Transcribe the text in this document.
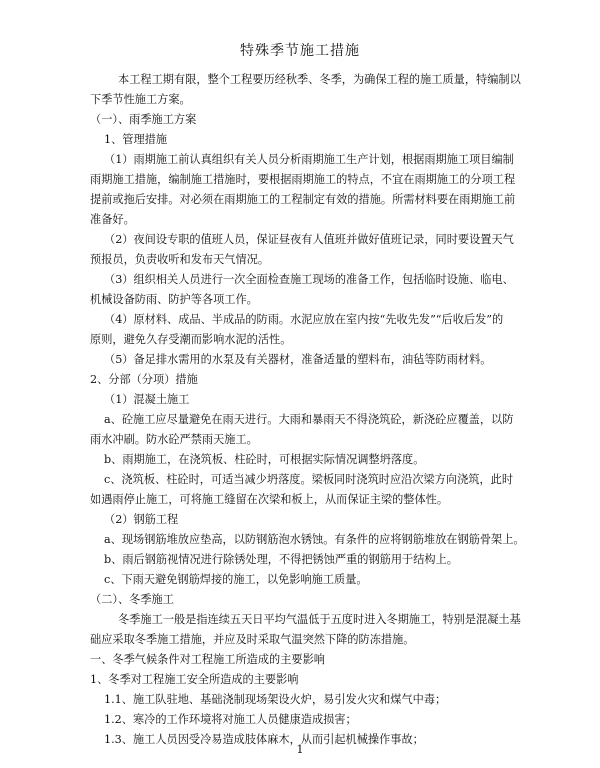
特殊季节施工措施
本工程工期有限，整个工程要历经秋季、冬季，为确保工程的施工质量，特编制以
下季节性施工方案。
（一）、雨季施工方案
1、管理措施
（1）雨期施工前认真组织有关人员分析雨期施工生产计划，根据雨期施工项目编制
雨期施工措施，编制施工措施时，要根据雨期施工的特点，不宜在雨期施工的分项工程
提前或拖后安排。对必须在雨期施工的工程制定有效的措施。所需材料要在雨期施工前
准备好。
（2）夜间设专职的值班人员，保证昼夜有人值班并做好值班记录，同时要设置天气
预报员，负责收听和发布天气情况。
（3）组织相关人员进行一次全面检查施工现场的准备工作，包括临时设施、临电、
机械设备防雨、防护等各项工作。
（4）原材料、成品、半成品的防雨。水泥应放在室内按“先收先发”“后收后发”的
原则，避免久存受潮而影响水泥的活性。
（5）备足排水需用的水泵及有关器材，准备适量的塑料布，油毡等防雨材料。
2、分部（分项）措施
（1）混凝土施工
a、砼施工应尽量避免在雨天进行。大雨和暴雨天不得浇筑砼，新浇砼应覆盖，以防
雨水冲刷。防水砼严禁雨天施工。
b、雨期施工，在浇筑板、柱砼时，可根据实际情况调整坍落度。
c、浇筑板、柱砼时，可适当减少坍落度。梁板同时浇筑时应沿次梁方向浇筑，此时
如遇雨停止施工，可将施工缝留在次梁和板上，从而保证主梁的整体性。
（2）钢筋工程
a、现场钢筋堆放应垫高，以防钢筋泡水锈蚀。有条件的应将钢筋堆放在钢筋骨架上。
b、雨后钢筋视情况进行除锈处理，不得把锈蚀严重的钢筋用于结构上。
c、下雨天避免钢筋焊接的施工，以免影响施工质量。
（二）、冬季施工
冬季施工一般是指连续五天日平均气温低于五度时进入冬期施工，特别是混凝土基
础应采取冬季施工措施，并应及时采取气温突然下降的防冻措施。
一、冬季气候条件对工程施工所造成的主要影响
1、冬季对工程施工安全所造成的主要影响
1.1、施工队驻地、基础浇制现场架设火炉，易引发火灾和煤气中毒；
1.2、寒冷的工作环境将对施工人员健康造成损害；
1.3、施工人员因受冷易造成肢体麻木，从而引起机械操作事故；
1
